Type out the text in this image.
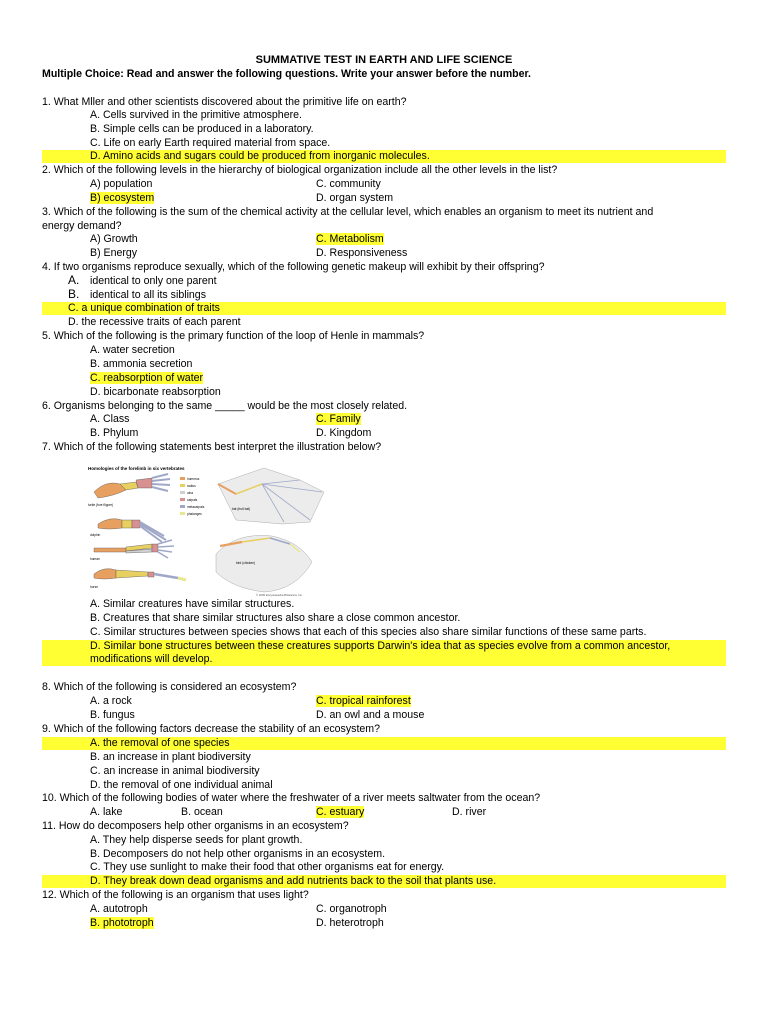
SUMMATIVE TEST IN EARTH AND LIFE SCIENCE
Multiple Choice: Read and answer the following questions. Write your answer before the number.
1. What Mller and other scientists discovered about the primitive life on earth?
A. Cells survived in the primitive atmosphere.
B. Simple cells can be produced in a laboratory.
C. Life on early Earth required material from space.
D. Amino acids and sugars could be produced from inorganic molecules.
2. Which of the following levels in the hierarchy of biological organization include all the other levels in the list?
A) population	C. community
B) ecosystem	D. organ system
3. Which of the following is the sum of the chemical activity at the cellular level, which enables an organism to meet its nutrient and
energy demand?
A) Growth	C. Metabolism
B) Energy	D. Responsiveness
4. If two organisms reproduce sexually, which of the following genetic makeup will exhibit by their offspring?
A. identical to only one parent
B. identical to all its siblings
C. a unique combination of traits
D. the recessive traits of each parent
5. Which of the following is the primary function of the loop of Henle in mammals?
A. water secretion
B. ammonia secretion
C. reabsorption of water
D. bicarbonate reabsorption
6. Organisms belonging to the same _____ would be the most closely related.
A. Class	C. Family
B. Phylum	D. Kingdom
7. Which of the following statements best interpret the illustration below?
Homologies of the forelimb in six vertebrates
turtle (fore flipper)
dolphin
human
horse
humerus
radius
ulna
carpals
metacarpals
phalanges
bat (fruit bat)
bird (chicken)
© 2005 Encyclopædia Britannica, Inc.
A. Similar creatures have similar structures.
B. Creatures that share similar structures also share a close common ancestor.
C. Similar structures between species shows that each of this species also share similar functions of these same parts.
D. Similar bone structures between these creatures supports Darwin's idea that as species evolve from a common ancestor,
modifications will develop.
8. Which of the following is considered an ecosystem?
A. a rock	C. tropical rainforest
B. fungus	D. an owl and a mouse
9. Which of the following factors decrease the stability of an ecosystem?
A. the removal of one species
B. an increase in plant biodiversity
C. an increase in animal biodiversity
D. the removal of one individual animal
10. Which of the following bodies of water where the freshwater of a river meets saltwater from the ocean?
A. lake	B. ocean	C. estuary	D. river
11. How do decomposers help other organisms in an ecosystem?
A. They help disperse seeds for plant growth.
B. Decomposers do not help other organisms in an ecosystem.
C. They use sunlight to make their food that other organisms eat for energy.
D. They break down dead organisms and add nutrients back to the soil that plants use.
12. Which of the following is an organism that uses light?
A. autotroph	C. organotroph
B. phototroph	D. heterotroph
